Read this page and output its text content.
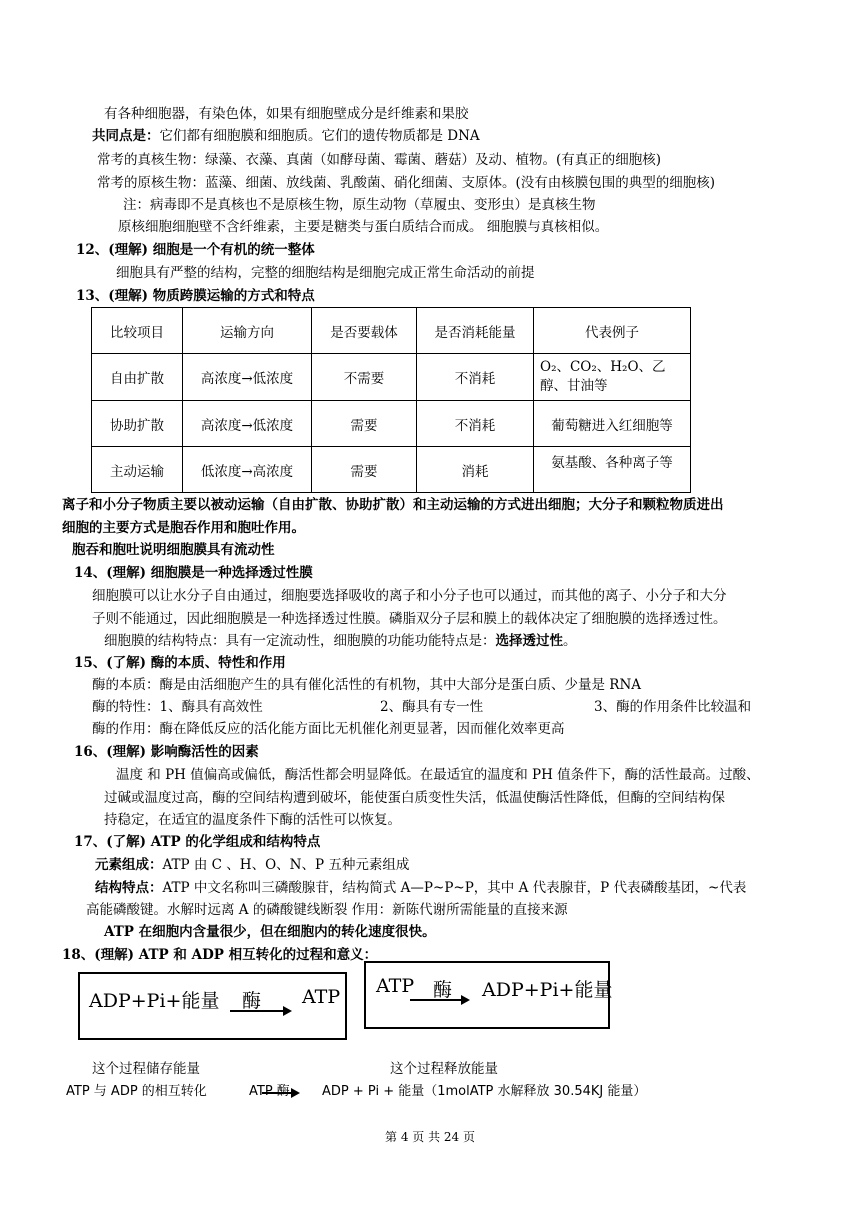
有各种细胞器，有染色体，如果有细胞壁成分是纤维素和果胶
共同点是：它们都有细胞膜和细胞质。它们的遗传物质都是 DNA
常考的真核生物：绿藻、衣藻、真菌（如酵母菌、霉菌、蘑菇）及动、植物。(有真正的细胞核)
常考的原核生物：蓝藻、细菌、放线菌、乳酸菌、硝化细菌、支原体。(没有由核膜包围的典型的细胞核)
注：病毒即不是真核也不是原核生物，原生动物（草履虫、变形虫）是真核生物
原核细胞细胞壁不含纤维素，主要是糖类与蛋白质结合而成。 细胞膜与真核相似。
12、(理解) 细胞是一个有机的统一整体
细胞具有严整的结构，完整的细胞结构是细胞完成正常生命活动的前提
13、(理解) 物质跨膜运输的方式和特点
比较项目	运输方向	是否要载体	是否消耗能量	代表例子
自由扩散	高浓度→低浓度	不需要	不消耗	O₂、CO₂、H₂O、乙醇、甘油等
协助扩散	高浓度→低浓度	需要	不消耗	葡萄糖进入红细胞等
主动运输	低浓度→高浓度	需要	消耗	氨基酸、各种离子等
离子和小分子物质主要以被动运输（自由扩散、协助扩散）和主动运输的方式进出细胞；大分子和颗粒物质进出
细胞的主要方式是胞吞作用和胞吐作用。
胞吞和胞吐说明细胞膜具有流动性
14、(理解) 细胞膜是一种选择透过性膜
细胞膜可以让水分子自由通过，细胞要选择吸收的离子和小分子也可以通过，而其他的离子、小分子和大分
子则不能通过，因此细胞膜是一种选择透过性膜。磷脂双分子层和膜上的载体决定了细胞膜的选择透过性。
细胞膜的结构特点：具有一定流动性，细胞膜的功能功能特点是：选择透过性。
15、(了解) 酶的本质、特性和作用
酶的本质：酶是由活细胞产生的具有催化活性的有机物，其中大部分是蛋白质、少量是 RNA
酶的特性：1、酶具有高效性	2、酶具有专一性	3、酶的作用条件比较温和
酶的作用：酶在降低反应的活化能方面比无机催化剂更显著，因而催化效率更高
16、(理解) 影响酶活性的因素
温度 和 PH 值偏高或偏低，酶活性都会明显降低。在最适宜的温度和 PH 值条件下，酶的活性最高。过酸、
过碱或温度过高，酶的空间结构遭到破坏，能使蛋白质变性失活，低温使酶活性降低，但酶的空间结构保
持稳定，在适宜的温度条件下酶的活性可以恢复。
17、(了解) ATP 的化学组成和结构特点
元素组成：ATP 由 C 、H、O、N、P 五种元素组成
结构特点：ATP 中文名称叫三磷酸腺苷，结构简式 A—P~P~P，其中 A 代表腺苷，P 代表磷酸基团，~代表
高能磷酸键。水解时远离 A 的磷酸键线断裂 作用：新陈代谢所需能量的直接来源
ATP 在细胞内含量很少，但在细胞内的转化速度很快。
18、(理解) ATP 和 ADP 相互转化的过程和意义：
ADP+Pi+能量 酶 ATP ATP 酶 ADP+Pi+能量
这个过程储存能量	这个过程释放能量
ATP 与 ADP 的相互转化	ATP 酶 ADP + Pi + 能量（1molATP 水解释放 30.54KJ 能量）
第 4 页 共 24 页
